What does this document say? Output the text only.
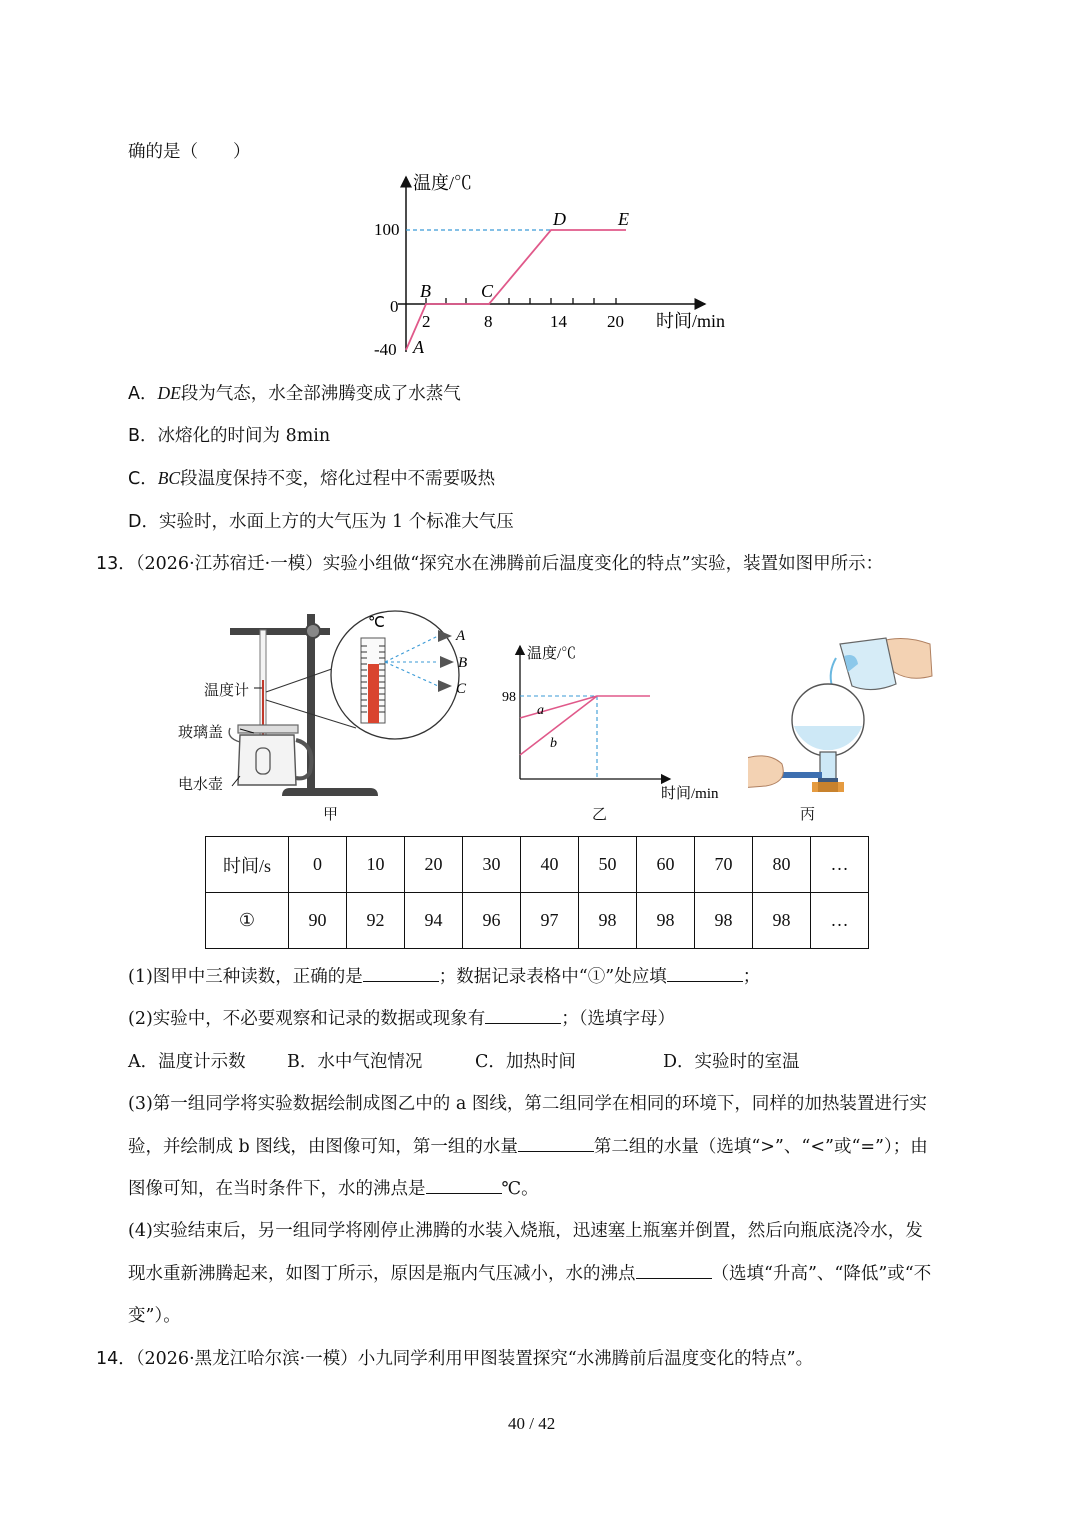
确的是（　　）
温度/℃
时间/min
100
0
-40
2	8	14 20
A
B	C
D	E
A．DE段为气态，水全部沸腾变成了水蒸气
B．冰熔化的时间为 8min
C．BC段温度保持不变，熔化过程中不需要吸热
D．实验时，水面上方的大气压为 1 个标准大气压
13．（2026·江苏宿迁·一模）实验小组做“探究水在沸腾前后温度变化的特点”实验，装置如图甲所示：
℃
A
B
C
温度计
玻璃盖
电水壶
甲
温度/℃
时间/min
98
a
b
乙	丙
时间/s	0	10	20	30	40	50	60	70	80	…
①	90	92	94	96	97	98	98	98	98	…
(1)图甲中三种读数，正确的是	；数据记录表格中“①”处应填	；
(2)实验中，不必要观察和记录的数据或现象有	；（选填字母）
A．温度计示数 B．水中气泡情况	C．加热时间	D．实验时的室温
(3)第一组同学将实验数据绘制成图乙中的 a 图线，第二组同学在相同的环境下，同样的加热装置进行实
验，并绘制成 b 图线，由图像可知，第一组的水量	第二组的水量（选填“>”、“<”或“=”）；由
图像可知，在当时条件下，水的沸点是	℃。
(4)实验结束后，另一组同学将刚停止沸腾的水装入烧瓶，迅速塞上瓶塞并倒置，然后向瓶底浇冷水，发
现水重新沸腾起来，如图丁所示，原因是瓶内气压减小，水的沸点	（选填“升高”、“降低”或“不
变”）。
14．（2026·黑龙江哈尔滨·一模）小九同学利用甲图装置探究“水沸腾前后温度变化的特点”。
40 / 42
